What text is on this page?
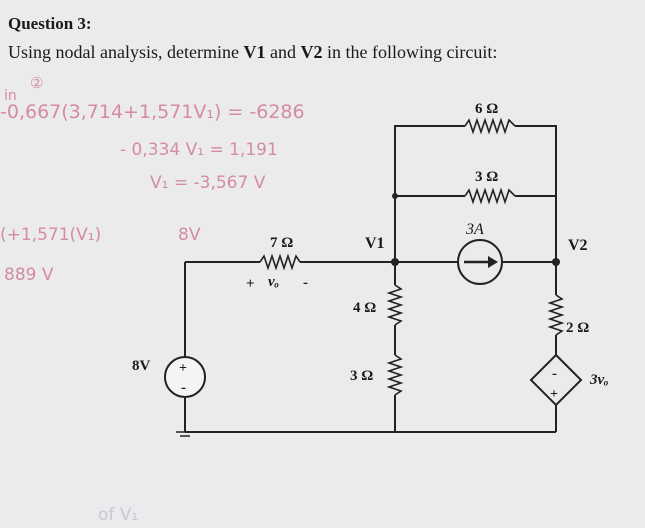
Question 3:
Using nodal analysis, determine V1 and V2 in the following circuit:
in
②
-0,667(3,714+1,571V₁) = -6286
- 0,334 V₁ = 1,191
V₁ = -3,567 V
(+1,571(V₁)	8V
889 V
of V₁
+
-
-
+
6 Ω
3 Ω
3A
7 Ω	V1	V2
+ vₒ -
4 Ω
3 Ω
2 Ω
8V
3vₒ
